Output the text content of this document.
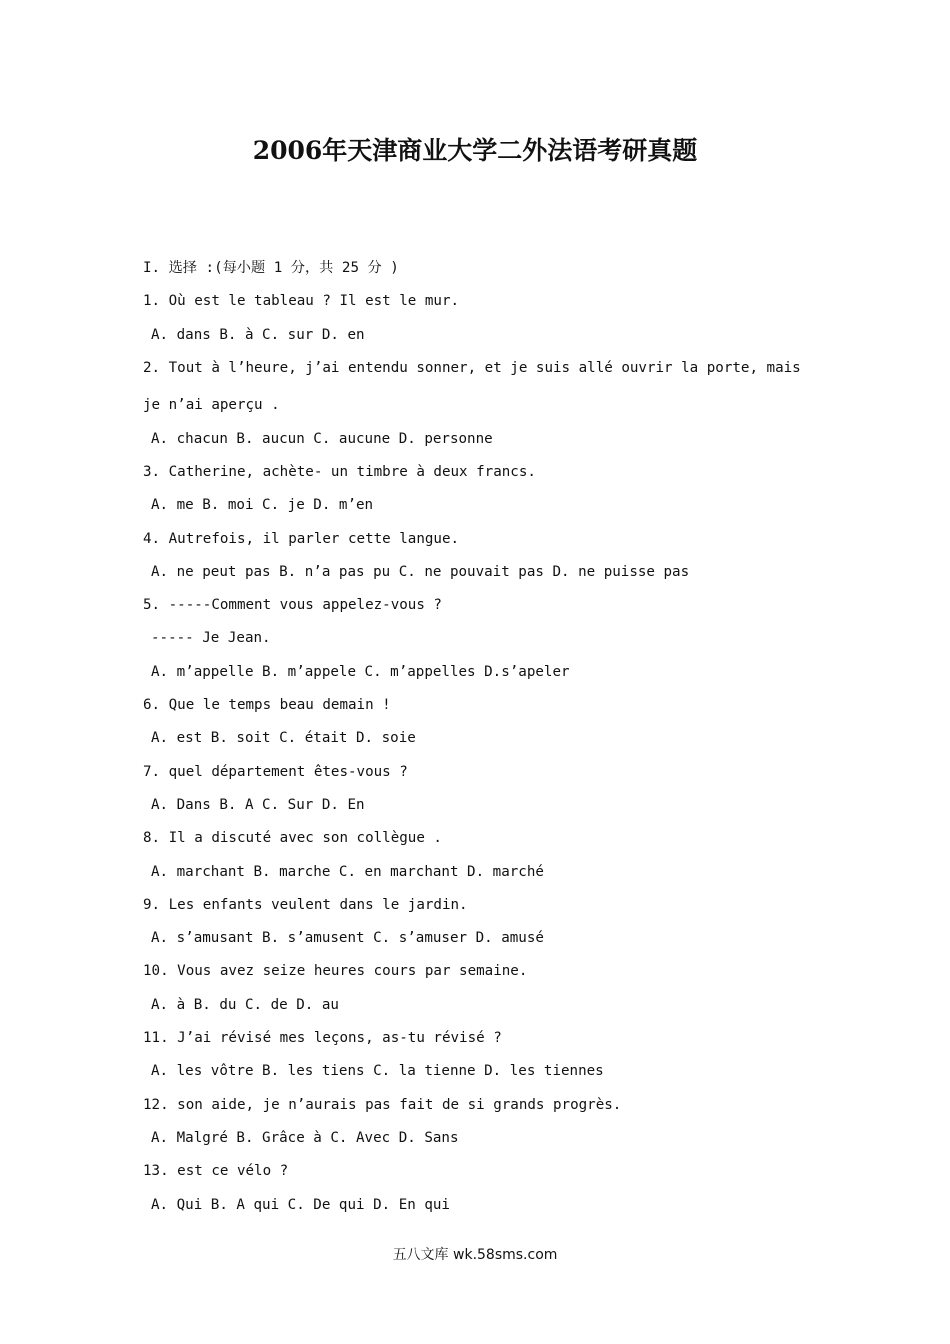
2006年天津商业大学二外法语考研真题
I. 选择 :(每小题 1 分，共 25 分 )
1. Où est le tableau ? Il est le mur.
A. dans B. à C. sur D. en
2. Tout à l’heure, j’ai entendu sonner, et je suis allé ouvrir la porte, mais
je n’ai aperçu .
A. chacun B. aucun C. aucune D. personne
3. Catherine, achète- un timbre à deux francs.
A. me B. moi C. je D. m’en
4. Autrefois, il parler cette langue.
A. ne peut pas B. n’a pas pu C. ne pouvait pas D. ne puisse pas
5. -----Comment vous appelez-vous ?
----- Je Jean.
A. m’appelle B. m’appele C. m’appelles D.s’apeler
6. Que le temps beau demain !
A. est B. soit C. était D. soie
7. quel département êtes-vous ?
A. Dans B. A C. Sur D. En
8. Il a discuté avec son collègue .
A. marchant B. marche C. en marchant D. marché
9. Les enfants veulent dans le jardin.
A. s’amusant B. s’amusent C. s’amuser D. amusé
10. Vous avez seize heures cours par semaine.
A. à B. du C. de D. au
11. J’ai révisé mes leçons, as-tu révisé ?
A. les vôtre B. les tiens C. la tienne D. les tiennes
12. son aide, je n’aurais pas fait de si grands progrès.
A. Malgré B. Grâce à C. Avec D. Sans
13. est ce vélo ?
A. Qui B. A qui C. De qui D. En qui
五八文库 wk.58sms.com
